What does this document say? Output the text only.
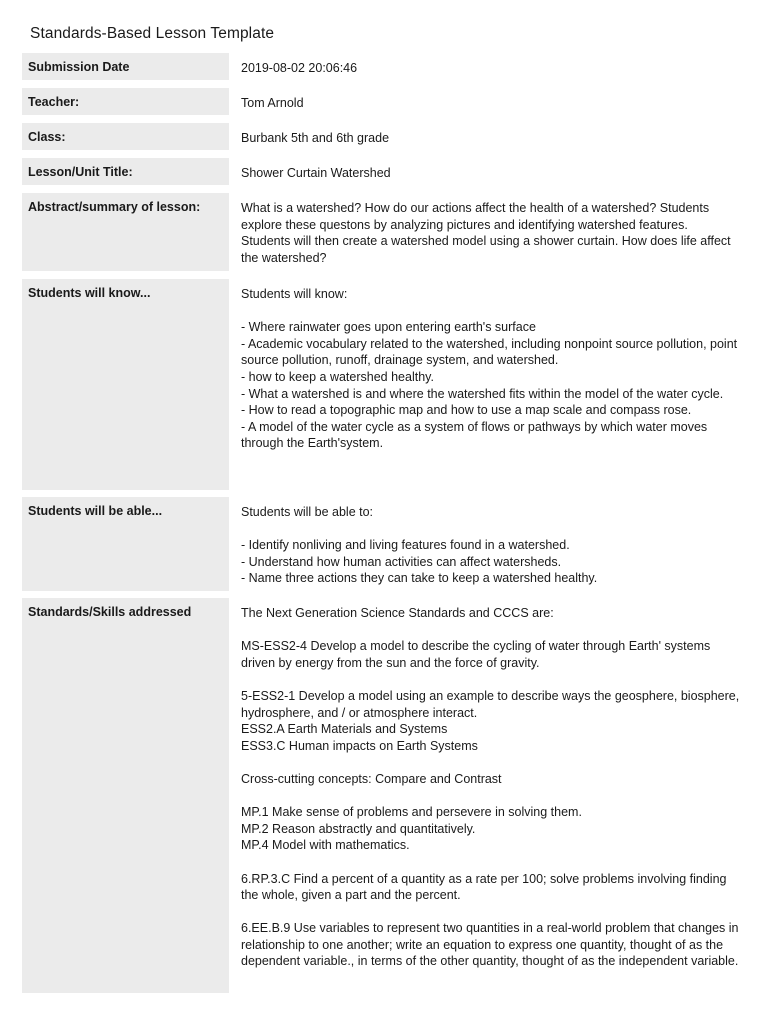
Standards-Based Lesson Template
Submission Date	2019-08-02 20:06:46
Teacher:	Tom Arnold
Class:	Burbank 5th and 6th grade
Lesson/Unit Title:	Shower Curtain Watershed
Abstract/summary of lesson:	What is a watershed? How do our actions affect the health of a watershed? Students explore these questons by analyzing pictures and identifying watershed features. Students will then create a watershed model using a shower curtain. How does life affect the watershed?
Students will know...	Students will know:

- Where rainwater goes upon entering earth's surface
- Academic vocabulary related to the watershed, including nonpoint source pollution, point source pollution, runoff, drainage system, and watershed.
- how to keep a watershed healthy.
- What a watershed is and where the watershed fits within the model of the water cycle.
- How to read a topographic map and how to use a map scale and compass rose.
- A model of the water cycle as a system of flows or pathways by which water moves through the Earth'system.

Students will be able...	Students will be able to:

- Identify nonliving and living features found in a watershed.
- Understand how human activities can affect watersheds.
- Name three actions they can take to keep a watershed healthy.

Standards/Skills addressed	The Next Generation Science Standards and CCCS are:

MS-ESS2-4 Develop a model to describe the cycling of water through Earth' systems driven by energy from the sun and the force of gravity.

5-ESS2-1 Develop a model using an example to describe ways the geosphere, biosphere, hydrosphere, and / or atmosphere interact.
ESS2.A Earth Materials and Systems
ESS3.C Human impacts on Earth Systems

Cross-cutting concepts: Compare and Contrast

MP.1 Make sense of problems and persevere in solving them.
MP.2 Reason abstractly and quantitatively.
MP.4 Model with mathematics.

6.RP.3.C Find a percent of a quantity as a rate per 100; solve problems involving finding the whole, given a part and the percent.

6.EE.B.9 Use variables to represent two quantities in a real-world problem that changes in relationship to one another; write an equation to express one quantity, thought of as the dependent variable., in terms of the other quantity, thought of as the independent variable.
